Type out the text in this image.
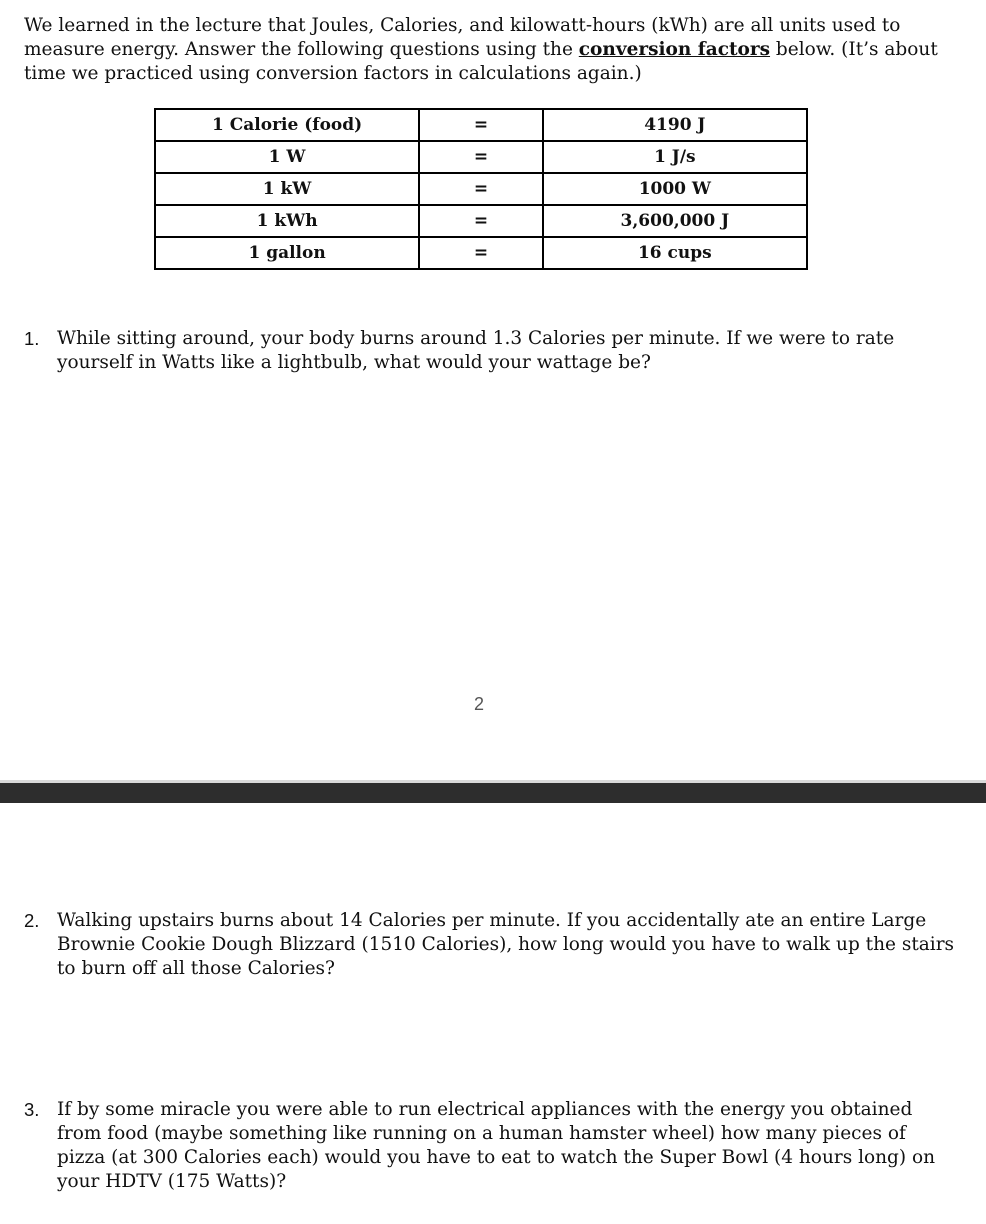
We learned in the lecture that Joules, Calories, and kilowatt-hours (kWh) are all units used to measure energy. Answer the following questions using the conversion factors below. (It’s about time we practiced using conversion factors in calculations again.)

1 Calorie (food)	=	4190 J
1 W	=	1 J/s
1 kW	=	1000 W
1 kWh	=	3,600,000 J
1 gallon	=	16 cups
1. While sitting around, your body burns around 1.3 Calories per minute. If we were to rate yourself in Watts like a lightbulb, what would your wattage be?
2
2. Walking upstairs burns about 14 Calories per minute. If you accidentally ate an entire Large Brownie Cookie Dough Blizzard (1510 Calories), how long would you have to walk up the stairs to burn off all those Calories?
3. If by some miracle you were able to run electrical appliances with the energy you obtained from food (maybe something like running on a human hamster wheel) how many pieces of pizza (at 300 Calories each) would you have to eat to watch the Super Bowl (4 hours long) on your HDTV (175 Watts)?
